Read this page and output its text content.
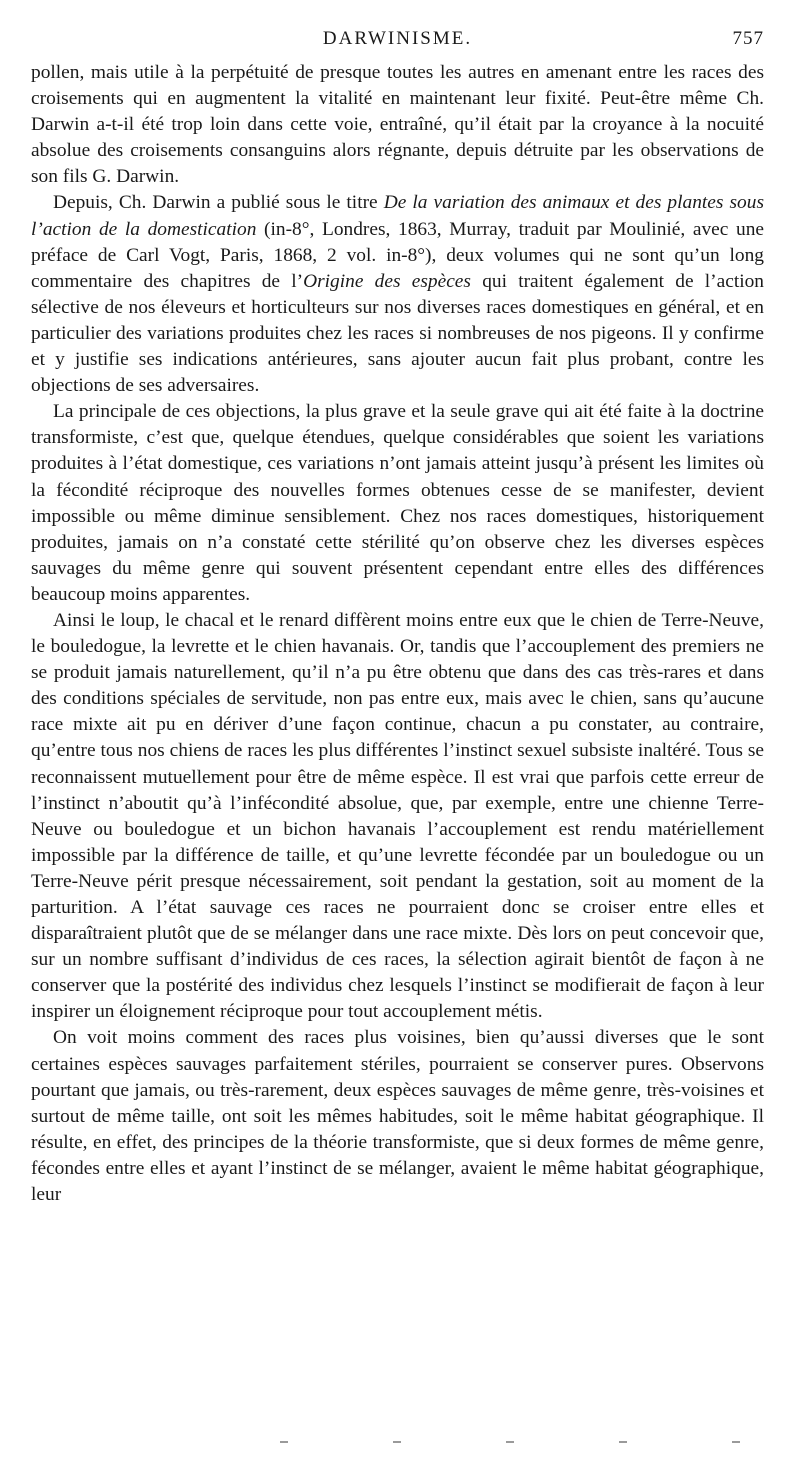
DARWINISME.	757

pollen, mais utile à la perpétuité de presque toutes les autres en amenant entre les races des croisements qui en augmentent la vitalité en maintenant leur fixité. Peut-être même Ch. Darwin a-t-il été trop loin dans cette voie, entraîné, qu’il était par la croyance à la nocuité absolue des croisements consanguins alors régnante, depuis détruite par les observations de son fils G. Darwin.

Depuis, Ch. Darwin a publié sous le titre De la variation des animaux et des plantes sous l’action de la domestication (in-8°, Londres, 1863, Murray, traduit par Moulinié, avec une préface de Carl Vogt, Paris, 1868, 2 vol. in-8°), deux volumes qui ne sont qu’un long commentaire des chapitres de l’Origine des espèces qui traitent également de l’action sélective de nos éleveurs et horticulteurs sur nos diverses races domestiques en général, et en particulier des variations produites chez les races si nombreuses de nos pigeons. Il y confirme et y justifie ses indications antérieures, sans ajouter aucun fait plus probant, contre les objections de ses adversaires.

La principale de ces objections, la plus grave et la seule grave qui ait été faite à la doctrine transformiste, c’est que, quelque étendues, quelque considérables que soient les variations produites à l’état domestique, ces variations n’ont jamais atteint jusqu’à présent les limites où la fécondité réciproque des nouvelles formes obtenues cesse de se manifester, devient impossible ou même diminue sensiblement. Chez nos races domestiques, historiquement produites, jamais on n’a constaté cette stérilité qu’on observe chez les diverses espèces sauvages du même genre qui souvent présentent cependant entre elles des différences beaucoup moins apparentes.

Ainsi le loup, le chacal et le renard diffèrent moins entre eux que le chien de Terre-Neuve, le bouledogue, la levrette et le chien havanais. Or, tandis que l’accouplement des premiers ne se produit jamais naturellement, qu’il n’a pu être obtenu que dans des cas très-rares et dans des conditions spéciales de servitude, non pas entre eux, mais avec le chien, sans qu’aucune race mixte ait pu en dériver d’une façon continue, chacun a pu constater, au contraire, qu’entre tous nos chiens de races les plus différentes l’instinct sexuel subsiste inaltéré. Tous se reconnaissent mutuellement pour être de même espèce. Il est vrai que parfois cette erreur de l’instinct n’aboutit qu’à l’infécondité absolue, que, par exemple, entre une chienne Terre-Neuve ou bouledogue et un bichon havanais l’accouplement est rendu matériellement impossible par la différence de taille, et qu’une levrette fécondée par un bouledogue ou un Terre-Neuve périt presque nécessairement, soit pendant la gestation, soit au moment de la parturition. A l’état sauvage ces races ne pourraient donc se croiser entre elles et disparaîtraient plutôt que de se mélanger dans une race mixte. Dès lors on peut concevoir que, sur un nombre suffisant d’individus de ces races, la sélection agirait bientôt de façon à ne conserver que la postérité des individus chez lesquels l’instinct se modifierait de façon à leur inspirer un éloignement réciproque pour tout accouplement métis.

On voit moins comment des races plus voisines, bien qu’aussi diverses que le sont certaines espèces sauvages parfaitement stériles, pourraient se conserver pures. Observons pourtant que jamais, ou très-rarement, deux espèces sauvages de même genre, très-voisines et surtout de même taille, ont soit les mêmes habitudes, soit le même habitat géographique. Il résulte, en effet, des principes de la théorie transformiste, que si deux formes de même genre, fécondes entre elles et ayant l’instinct de se mélanger, avaient le même habitat géographique, leur
